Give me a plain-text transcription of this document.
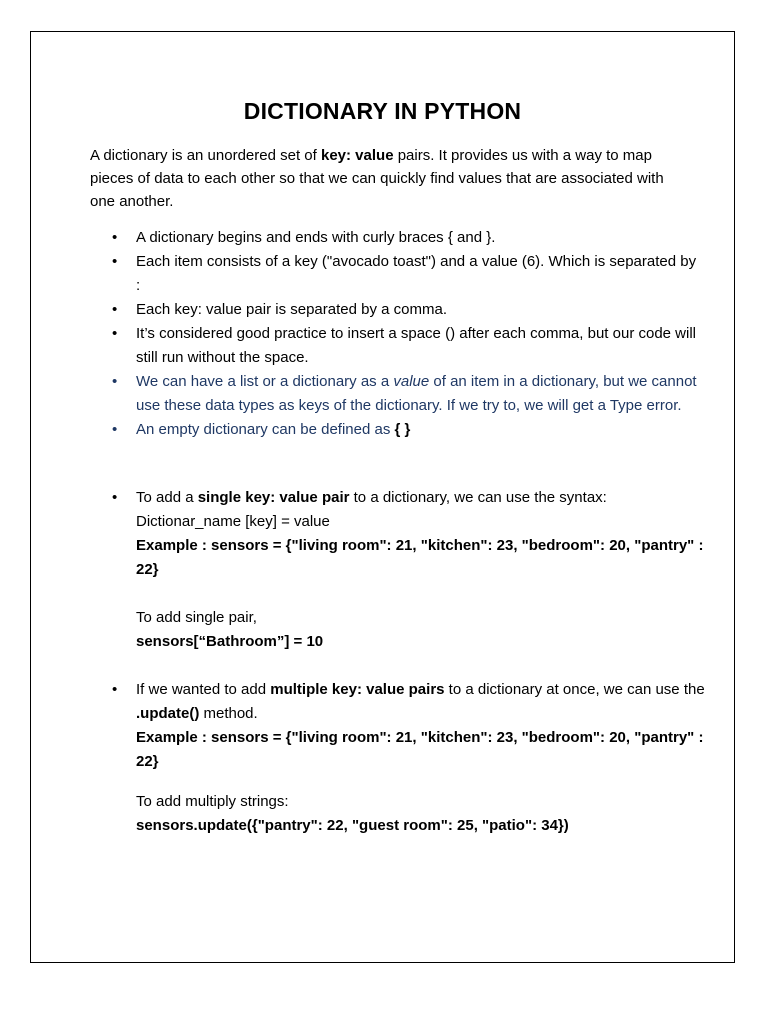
DICTIONARY IN PYTHON

A dictionary is an unordered set of key: value pairs. It provides us with a way to map pieces of data to each other so that we can quickly find values that are associated with one another.

• A dictionary begins and ends with curly braces { and }.
• Each item consists of a key ("avocado toast") and a value (6). Which is separated by :
• Each key: value pair is separated by a comma.
• It’s considered good practice to insert a space () after each comma, but our code will still run without the space.
• We can have a list or a dictionary as a value of an item in a dictionary, but we cannot use these data types as keys of the dictionary. If we try to, we will get a Type error.
• An empty dictionary can be defined as { }
• To add a single key: value pair to a dictionary, we can use the syntax:
Dictionar_name [key] = value
Example : sensors = {"living room": 21, "kitchen": 23, "bedroom": 20, "pantry" : 22}
To add single pair,
sensors[“Bathroom”] = 10
• If we wanted to add multiple key: value pairs to a dictionary at once, we can use the .update() method.
Example : sensors = {"living room": 21, "kitchen": 23, "bedroom": 20, "pantry" : 22}
To add multiply strings:
sensors.update({"pantry": 22, "guest room": 25, "patio": 34})
